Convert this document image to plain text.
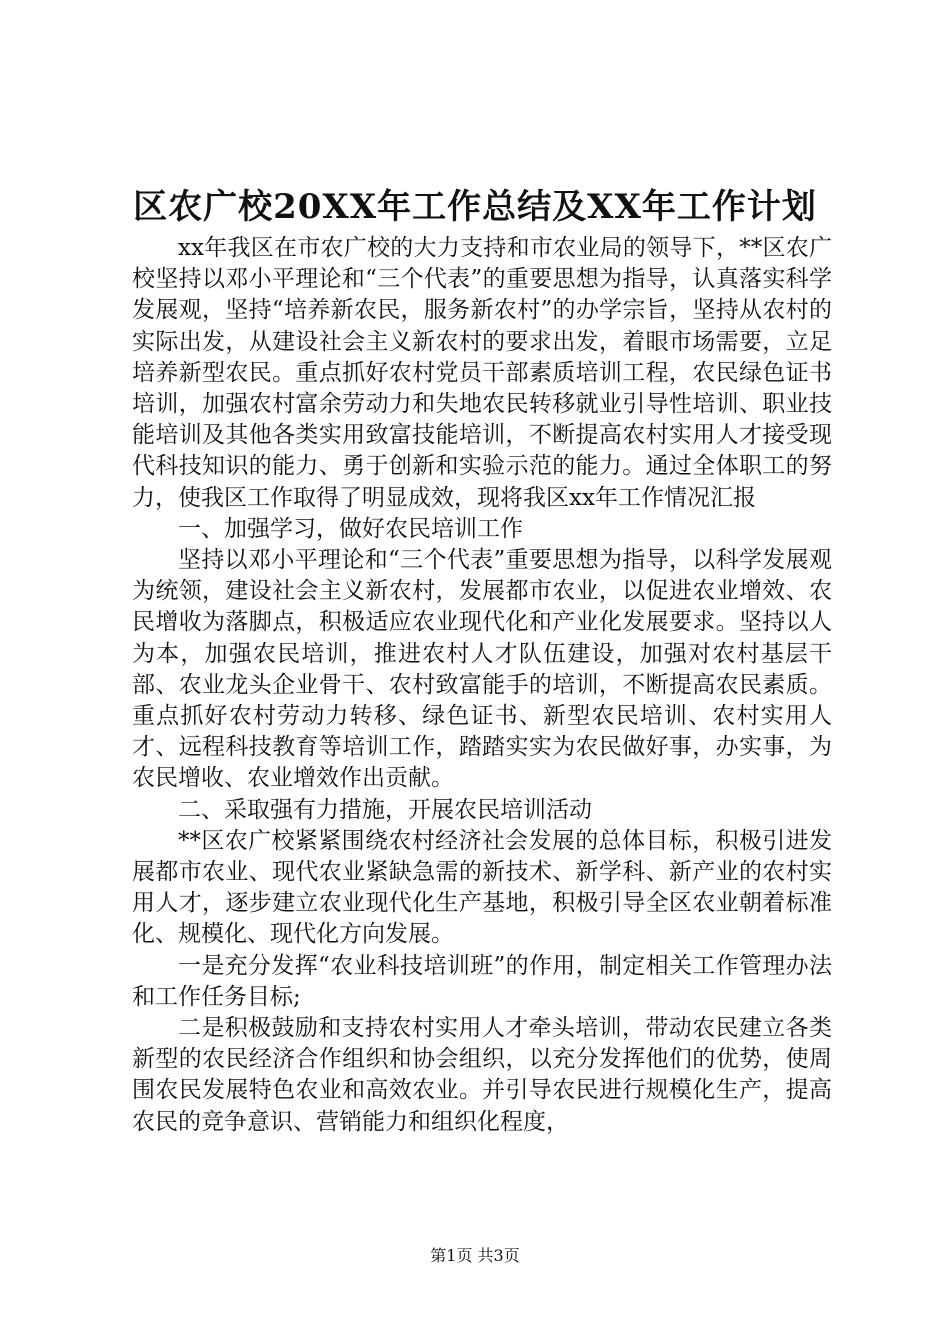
区农广校20XX年工作总结及XX年工作计划

xx年我区在市农广校的大力支持和市农业局的领导下，**区农广校坚持以邓小平理论和“三个代表”的重要思想为指导，认真落实科学发展观，坚持“培养新农民，服务新农村”的办学宗旨，坚持从农村的实际出发，从建设社会主义新农村的要求出发，着眼市场需要，立足培养新型农民。重点抓好农村党员干部素质培训工程，农民绿色证书培训，加强农村富余劳动力和失地农民转移就业引导性培训、职业技能培训及其他各类实用致富技能培训，不断提高农村实用人才接受现代科技知识的能力、勇于创新和实验示范的能力。通过全体职工的努力，使我区工作取得了明显成效，现将我区xx年工作情况汇报

一、加强学习，做好农民培训工作

坚持以邓小平理论和“三个代表”重要思想为指导，以科学发展观为统领，建设社会主义新农村，发展都市农业，以促进农业增效、农民增收为落脚点，积极适应农业现代化和产业化发展要求。坚持以人为本，加强农民培训，推进农村人才队伍建设，加强对农村基层干部、农业龙头企业骨干、农村致富能手的培训，不断提高农民素质。重点抓好农村劳动力转移、绿色证书、新型农民培训、农村实用人才、远程科技教育等培训工作，踏踏实实为农民做好事，办实事，为农民增收、农业增效作出贡献。

二、采取强有力措施，开展农民培训活动

**区农广校紧紧围绕农村经济社会发展的总体目标，积极引进发展都市农业、现代农业紧缺急需的新技术、新学科、新产业的农村实用人才，逐步建立农业现代化生产基地，积极引导全区农业朝着标准化、规模化、现代化方向发展。

一是充分发挥“农业科技培训班”的作用，制定相关工作管理办法和工作任务目标;

二是积极鼓励和支持农村实用人才牵头培训，带动农民建立各类新型的农民经济合作组织和协会组织，以充分发挥他们的优势，使周围农民发展特色农业和高效农业。并引导农民进行规模化生产，提高农民的竞争意识、营销能力和组织化程度，

第1页 共3页
